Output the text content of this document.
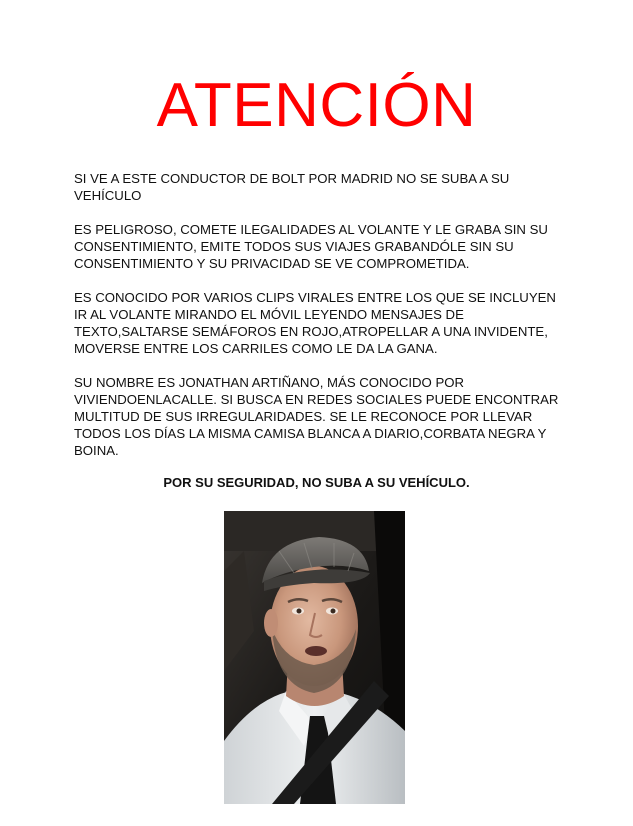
ATENCIÓN
SI VE A ESTE CONDUCTOR DE BOLT POR MADRID NO SE SUBA A SU VEHÍCULO
ES PELIGROSO, COMETE ILEGALIDADES AL VOLANTE Y LE GRABA SIN SU CONSENTIMIENTO, EMITE TODOS SUS VIAJES GRABANDÓLE SIN SU CONSENTIMIENTO Y SU PRIVACIDAD SE VE COMPROMETIDA.
ES CONOCIDO POR VARIOS CLIPS VIRALES ENTRE LOS QUE SE INCLUYEN IR AL VOLANTE MIRANDO EL MÓVIL LEYENDO MENSAJES DE TEXTO,SALTARSE SEMÁFOROS EN ROJO,ATROPELLAR A UNA INVIDENTE, MOVERSE ENTRE LOS CARRILES COMO LE DA LA GANA.
SU NOMBRE ES JONATHAN ARTIÑANO, MÁS CONOCIDO POR VIVIENDOENLACALLE. SI BUSCA EN REDES SOCIALES PUEDE ENCONTRAR MULTITUD DE SUS IRREGULARIDADES. SE LE RECONOCE POR LLEVAR TODOS LOS DÍAS LA MISMA CAMISA BLANCA A DIARIO,CORBATA NEGRA Y BOINA.
POR SU SEGURIDAD, NO SUBA A SU VEHÍCULO.
